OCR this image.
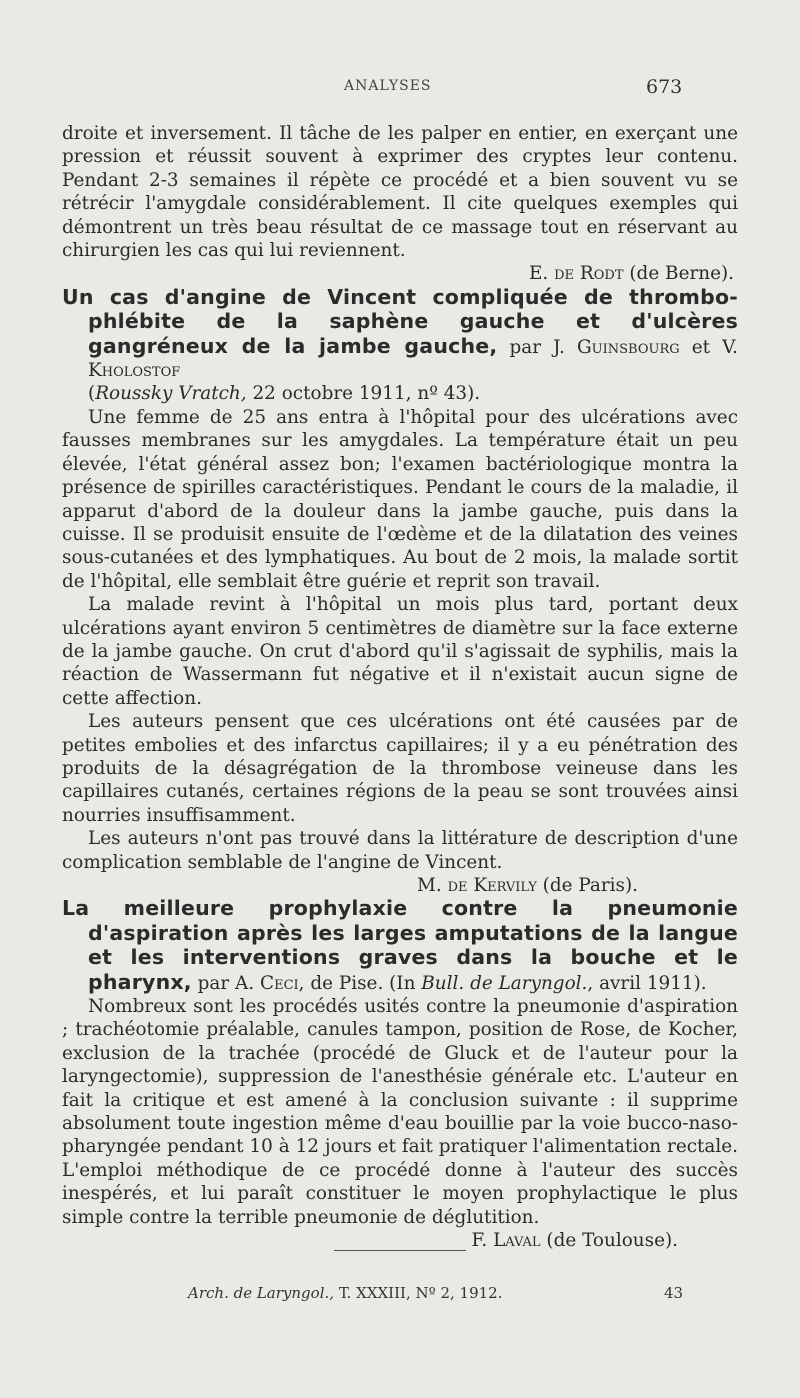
ANALYSES	673

droite et inversement. Il tâche de les palper en entier, en exerçant une pression et réussit souvent à exprimer des cryptes leur contenu. Pendant 2-3 semaines il répète ce procédé et a bien souvent vu se rétrécir l'amygdale considérablement. Il cite quelques exemples qui démontrent un très beau résultat de ce massage tout en réservant au chirurgien les cas qui lui reviennent.

E. de Rodt (de Berne).

Un cas d'angine de Vincent compliquée de thrombo-phlébite de la saphène gauche et d'ulcères gangréneux de la jambe gauche, par J. Guinsbourg et V. Kholostof
(Roussky Vratch, 22 octobre 1911, nº 43).

Une femme de 25 ans entra à l'hôpital pour des ulcérations avec fausses membranes sur les amygdales. La température était un peu élevée, l'état général assez bon; l'examen bactériologique montra la présence de spirilles caractéristiques. Pendant le cours de la maladie, il apparut d'abord de la douleur dans la jambe gauche, puis dans la cuisse. Il se produisit ensuite de l'œdème et de la dilatation des veines sous-cutanées et des lymphatiques. Au bout de 2 mois, la malade sortit de l'hôpital, elle semblait être guérie et reprit son travail.

La malade revint à l'hôpital un mois plus tard, portant deux ulcérations ayant environ 5 centimètres de diamètre sur la face externe de la jambe gauche. On crut d'abord qu'il s'agissait de syphilis, mais la réaction de Wassermann fut négative et il n'existait aucun signe de cette affection.

Les auteurs pensent que ces ulcérations ont été causées par de petites embolies et des infarctus capillaires; il y a eu pénétration des produits de la désagrégation de la thrombose veineuse dans les capillaires cutanés, certaines régions de la peau se sont trouvées ainsi nourries insuffisamment.

Les auteurs n'ont pas trouvé dans la littérature de description d'une complication semblable de l'angine de Vincent.

M. de Kervily (de Paris).

La meilleure prophylaxie contre la pneumonie d'aspiration après les larges amputations de la langue et les interventions graves dans la bouche et le pharynx, par A. Ceci, de Pise. (In Bull. de Laryngol., avril 1911).

Nombreux sont les procédés usités contre la pneumonie d'aspiration ; trachéotomie préalable, canules tampon, position de Rose, de Kocher, exclusion de la trachée (procédé de Gluck et de l'auteur pour la laryngectomie), suppression de l'anesthésie générale etc. L'auteur en fait la critique et est amené à la conclusion suivante : il supprime absolument toute ingestion même d'eau bouillie par la voie bucco-naso-pharyngée pendant 10 à 12 jours et fait pratiquer l'alimentation rectale. L'emploi méthodique de ce procédé donne à l'auteur des succès inespérés, et lui paraît constituer le moyen prophylactique le plus simple contre la terrible pneumonie de déglutition.

F. Laval (de Toulouse).

Arch. de Laryngol., T. XXXIII, Nº 2, 1912.	43
